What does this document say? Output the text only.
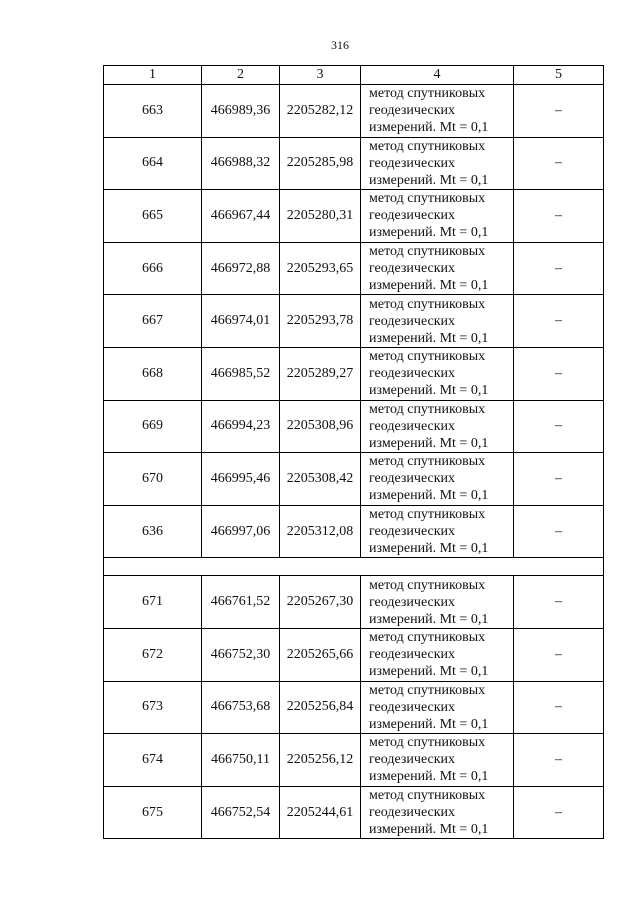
316
1	2	3	4	5
663	466989,36	2205282,12	метод спутниковых
геодезических
измерений. Mt = 0,1	–
664	466988,32	2205285,98	метод спутниковых
геодезических
измерений. Mt = 0,1	–
665	466967,44	2205280,31	метод спутниковых
геодезических
измерений. Mt = 0,1	–
666	466972,88	2205293,65	метод спутниковых
геодезических
измерений. Mt = 0,1	–
667	466974,01	2205293,78	метод спутниковых
геодезических
измерений. Mt = 0,1	–
668	466985,52	2205289,27	метод спутниковых
геодезических
измерений. Mt = 0,1	–
669	466994,23	2205308,96	метод спутниковых
геодезических
измерений. Mt = 0,1	–
670	466995,46	2205308,42	метод спутниковых
геодезических
измерений. Mt = 0,1	–
636	466997,06	2205312,08	метод спутниковых
геодезических
измерений. Mt = 0,1	–

671	466761,52	2205267,30	метод спутниковых
геодезических
измерений. Mt = 0,1	–
672	466752,30	2205265,66	метод спутниковых
геодезических
измерений. Mt = 0,1	–
673	466753,68	2205256,84	метод спутниковых
геодезических
измерений. Mt = 0,1	–
674	466750,11	2205256,12	метод спутниковых
геодезических
измерений. Mt = 0,1	–
675	466752,54	2205244,61	метод спутниковых
геодезических
измерений. Mt = 0,1	–
